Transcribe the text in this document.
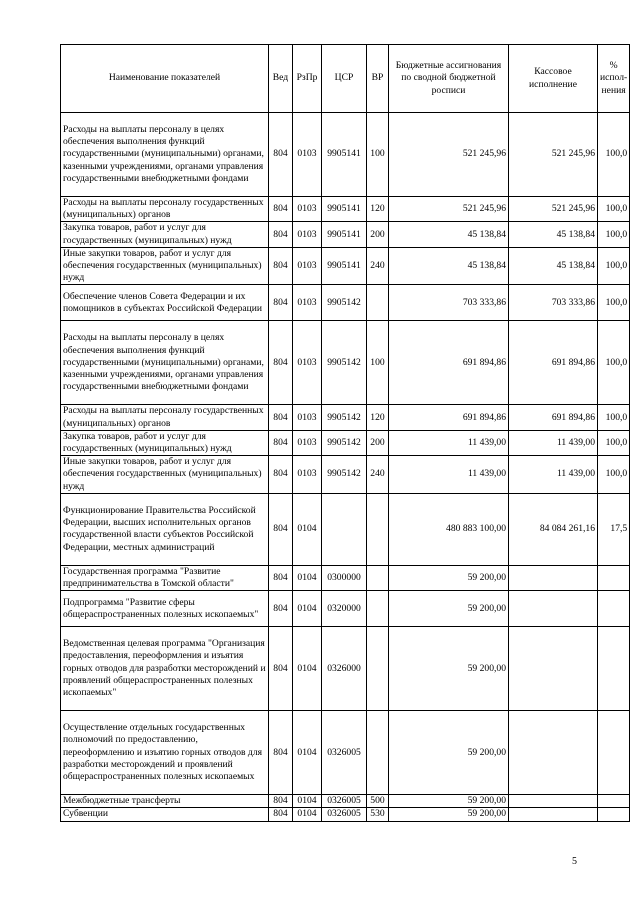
Наименование показателей	Вед	РзПр	ЦСР	ВР	Бюджетные ассигнования по сводной бюджетной росписи	Кассовое исполнение	% испол-нения
Расходы на выплаты персоналу в целях обеспечения выполнения функций государственными (муниципальными) органами, казенными учреждениями, органами управления государственными внебюджетными фондами	804	0103	9905141	100	521 245,96	521 245,96	100,0
Расходы на выплаты персоналу государственных (муниципальных) органов	804	0103	9905141	120	521 245,96	521 245,96	100,0
Закупка товаров, работ и услуг для государственных (муниципальных) нужд	804	0103	9905141	200	45 138,84	45 138,84	100,0
Иные закупки товаров, работ и услуг для обеспечения государственных (муниципальных) нужд	804	0103	9905141	240	45 138,84	45 138,84	100,0
Обеспечение членов Совета Федерации и их помощников в субъектах Российской Федерации	804	0103	9905142		703 333,86	703 333,86	100,0
Расходы на выплаты персоналу в целях обеспечения выполнения функций государственными (муниципальными) органами, казенными учреждениями, органами управления государственными внебюджетными фондами	804	0103	9905142	100	691 894,86	691 894,86	100,0
Расходы на выплаты персоналу государственных (муниципальных) органов	804	0103	9905142	120	691 894,86	691 894,86	100,0
Закупка товаров, работ и услуг для государственных (муниципальных) нужд	804	0103	9905142	200	11 439,00	11 439,00	100,0
Иные закупки товаров, работ и услуг для обеспечения государственных (муниципальных) нужд	804	0103	9905142	240	11 439,00	11 439,00	100,0
Функционирование Правительства Российской Федерации, высших исполнительных органов государственной власти субъектов Российской Федерации, местных администраций	804	0104			480 883 100,00	84 084 261,16	17,5
Государственная программа "Развитие предпринимательства в Томской области"	804	0104	0300000		59 200,00		
Подпрограмма "Развитие сферы общераспространенных полезных ископаемых"	804	0104	0320000		59 200,00		
Ведомственная целевая программа "Организация предоставления, переоформления и изъятия горных отводов для разработки месторождений и проявлений общераспространенных полезных ископаемых"	804	0104	0326000		59 200,00		
Осуществление отдельных государственных полномочий по предоставлению, переоформлению и изъятию горных отводов для разработки месторождений и проявлений общераспространенных полезных ископаемых	804	0104	0326005		59 200,00		
Межбюджетные трансферты	804	0104	0326005	500	59 200,00		
Субвенции	804	0104	0326005	530	59 200,00		
5
